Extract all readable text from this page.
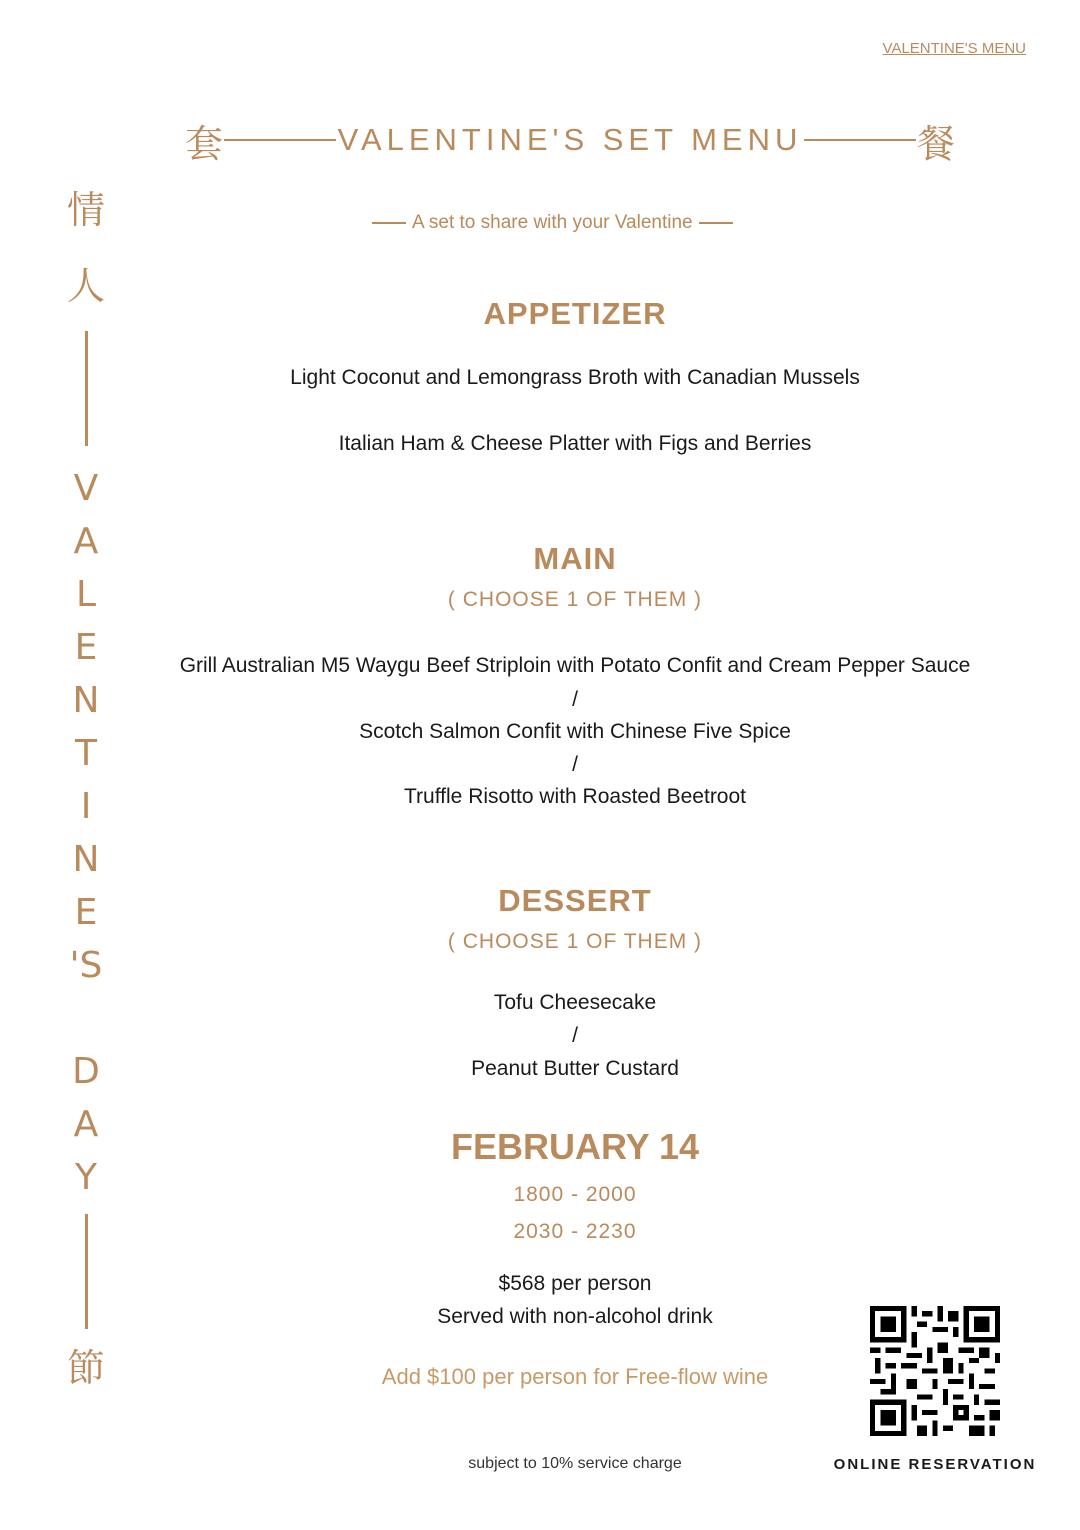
VALENTINE'S MENU
情
人
V
A
L
E
N
T
I
N
E
'S
D
A
Y
節
套	VALENTINE'S SET MENU	餐
A set to share with your Valentine
APPETIZER
Light Coconut and Lemongrass Broth with Canadian Mussels
Italian Ham & Cheese Platter with Figs and Berries
MAIN
( CHOOSE 1 OF THEM )
Grill Australian M5 Waygu Beef Striploin with Potato Confit and Cream Pepper Sauce
/
Scotch Salmon Confit with Chinese Five Spice
/
Truffle Risotto with Roasted Beetroot
DESSERT
( CHOOSE 1 OF THEM )
Tofu Cheesecake
/
Peanut Butter Custard
FEBRUARY 14
1800 - 2000
2030 - 2230
$568 per person
Served with non-alcohol drink
Add $100 per person for Free-flow wine
subject to 10% service charge	ONLINE RESERVATION
